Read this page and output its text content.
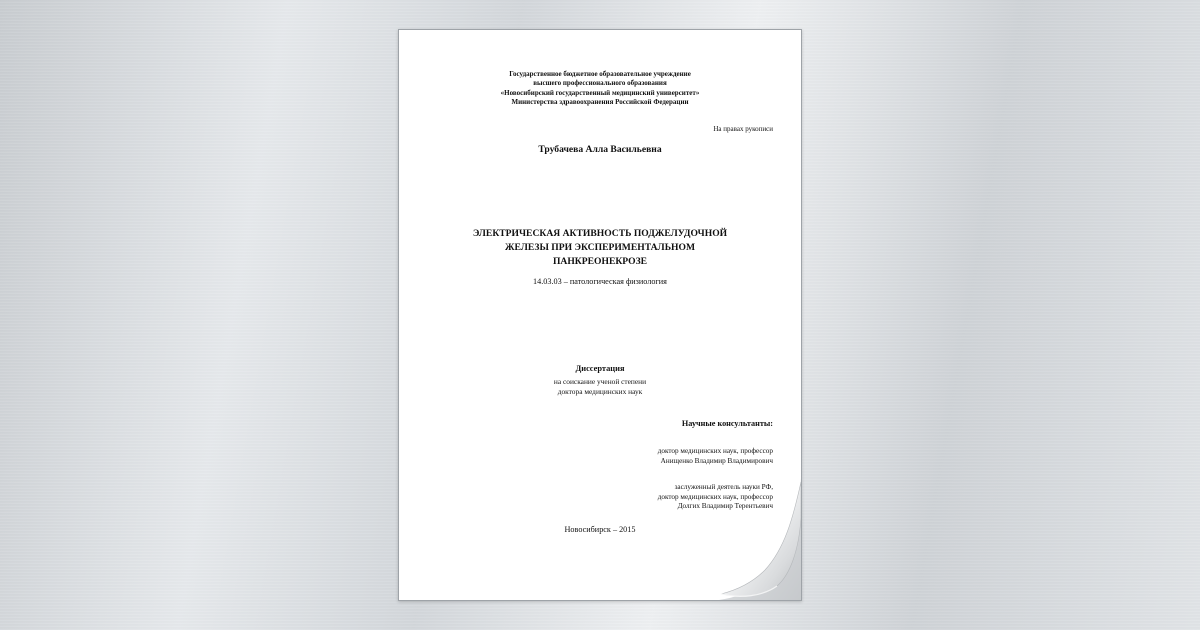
Государственное бюджетное образовательное учреждение
высшего профессионального образования
«Новосибирский государственный медицинский университет»
Министерства здравоохранения Российской Федерации
На правах рукописи
Трубачева Алла Васильевна
ЭЛЕКТРИЧЕСКАЯ АКТИВНОСТЬ ПОДЖЕЛУДОЧНОЙ
ЖЕЛЕЗЫ ПРИ ЭКСПЕРИМЕНТАЛЬНОМ
ПАНКРЕОНЕКРОЗЕ
14.03.03 – патологическая физиология
Диссертация
на соискание ученой степени
доктора медицинских наук
Научные консультанты:
доктор медицинских наук, профессор
Анищенко Владимир Владимирович
заслуженный деятель науки РФ,
доктор медицинских наук, профессор
Долгих Владимир Терентьевич
Новосибирск – 2015
